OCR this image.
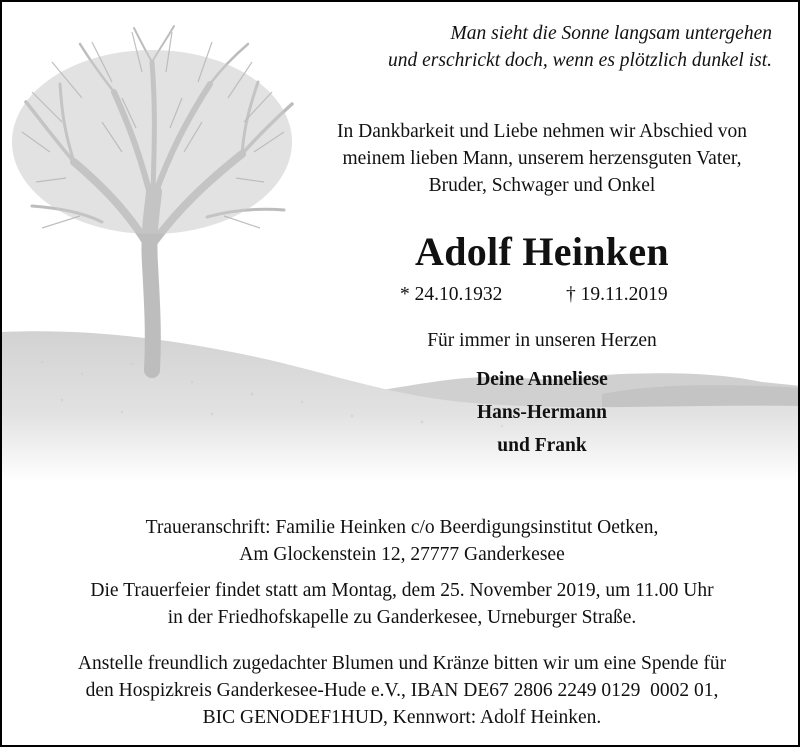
Man sieht die Sonne langsam untergehen
und erschrickt doch, wenn es plötzlich dunkel ist.
In Dankbarkeit und Liebe nehmen wir Abschied von
meinem lieben Mann, unserem herzensguten Vater,
Bruder, Schwager und Onkel
Adolf Heinken
* 24.10.1932	† 19.11.2019
Für immer in unseren Herzen
Deine Anneliese
Hans-Hermann
und Frank
Traueranschrift: Familie Heinken c/o Beerdigungsinstitut Oetken,
Am Glockenstein 12, 27777 Ganderkesee
Die Trauerfeier findet statt am Montag, dem 25. November 2019, um 11.00 Uhr
in der Friedhofskapelle zu Ganderkesee, Urneburger Straße.
Anstelle freundlich zugedachter Blumen und Kränze bitten wir um eine Spende für
den Hospizkreis Ganderkesee-Hude e.V., IBAN DE67 2806 2249 0129  0002 01,
BIC GENODEF1HUD, Kennwort: Adolf Heinken.
